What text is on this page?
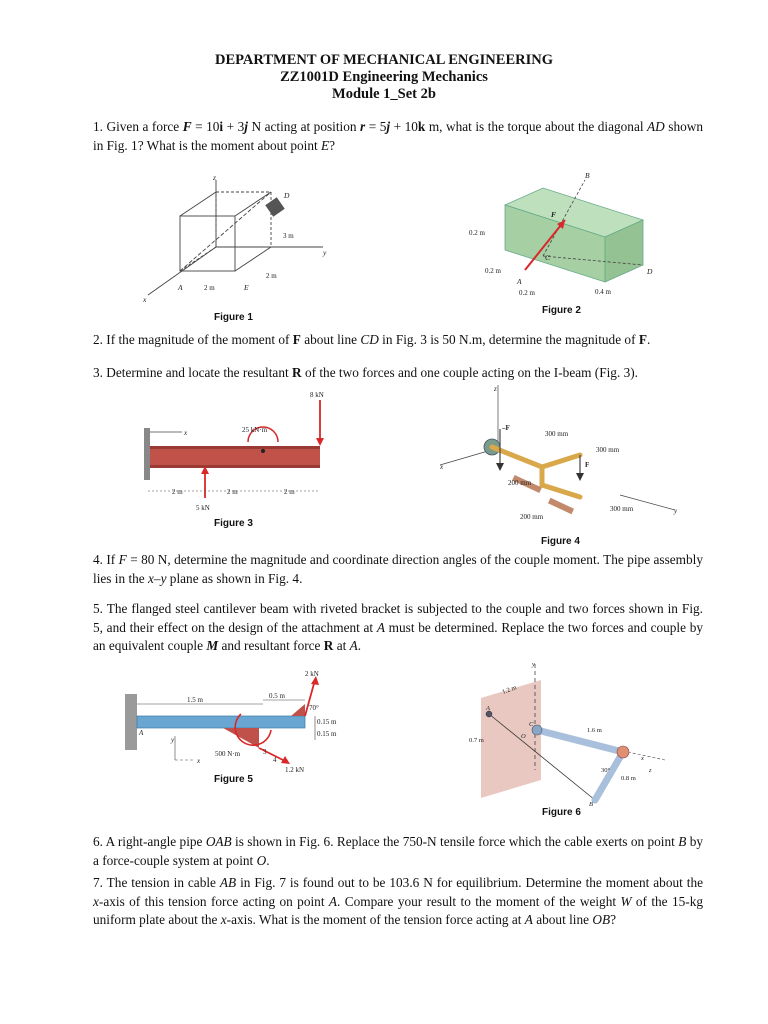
DEPARTMENT OF MECHANICAL ENGINEERING
ZZ1001D Engineering Mechanics
Module 1_Set 2b

1. Given a force F = 10i + 3j N acting at position r = 5j + 10k m, what is the torque about the diagonal AD shown in Fig. 1? What is the moment about point E?

z
D
y
A	E
x
3 m
2 m
2 m
Figure 1
B
F
C
A
D
0.2 m
0.2 m
0.2 m	0.4 m
Figure 2

2. If the magnitude of the moment of F about line CD in Fig. 3 is 50 N.m, determine the magnitude of F.

3. Determine and locate the resultant R of the two forces and one couple acting on the I-beam (Fig. 3).

8 kN
25 kN·m
x
5 kN
2 m	2 m	2 m
Figure 3
z
–F
300 mm
300 mm
F
x
200 mm
200 mm
300 mm	y
Figure 4

4. If F = 80 N, determine the magnitude and coordinate direction angles of the couple moment. The pipe assembly lies in the x–y plane as shown in Fig. 4.

5. The flanged steel cantilever beam with riveted bracket is subjected to the couple and two forces shown in Fig. 5, and their effect on the design of the attachment at A must be determined. Replace the two forces and couple by an equivalent couple M and resultant force R at A.

2 kN
1.5 m	0.5 m
70°
0.15 m
0.15 m
A
y
x
500 N·m	3
4
1.2 kN
Figure 5
y
1.2 m
A
C
O
0.7 m
1.6 m
x
z
30°
0.8 m
B
Figure 6

6. A right-angle pipe OAB is shown in Fig. 6. Replace the 750-N tensile force which the cable exerts on point B by a force-couple system at point O.

7. The tension in cable AB in Fig. 7 is found out to be 103.6 N for equilibrium. Determine the moment about the x-axis of this tension force acting on point A. Compare your result to the moment of the weight W of the 15-kg uniform plate about the x-axis. What is the moment of the tension force acting at A about line OB?
